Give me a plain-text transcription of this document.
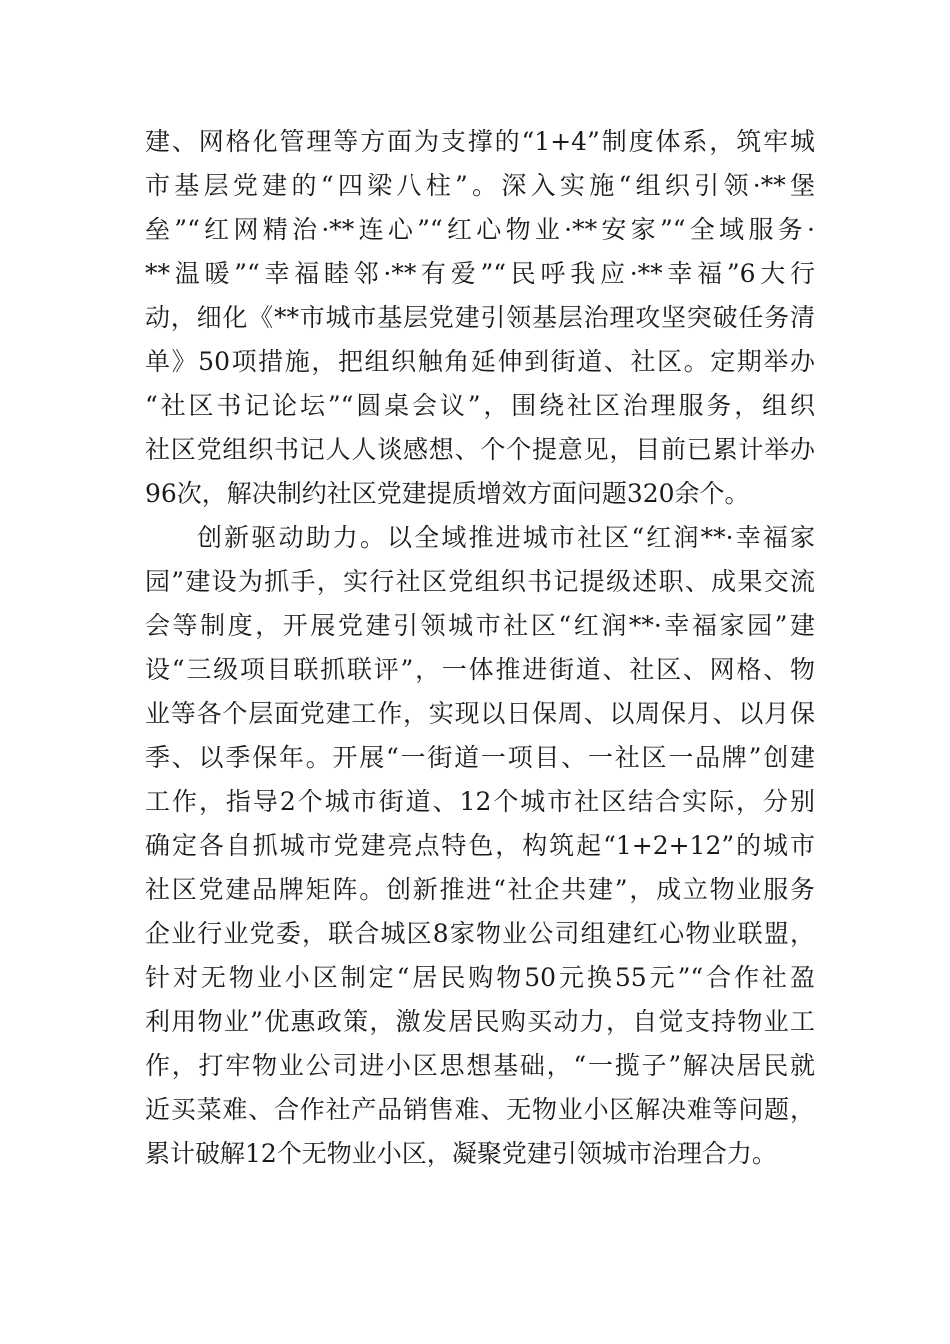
建、网格化管理等方面为支撑的“1+4”制度体系，筑牢城
市基层党建的“四梁八柱”。深入实施“组织引领·**堡
垒”“红网精治·**连心”“红心物业·**安家”“全域服务·
**温暖”“幸福睦邻·**有爱”“民呼我应·**幸福”6大行
动，细化《**市城市基层党建引领基层治理攻坚突破任务清
单》50项措施，把组织触角延伸到街道、社区。定期举办
“社区书记论坛”“圆桌会议”，围绕社区治理服务，组织
社区党组织书记人人谈感想、个个提意见，目前已累计举办
96次，解决制约社区党建提质增效方面问题320余个。
创新驱动助力。以全域推进城市社区“红润**·幸福家
园”建设为抓手，实行社区党组织书记提级述职、成果交流
会等制度，开展党建引领城市社区“红润**·幸福家园”建
设“三级项目联抓联评”，一体推进街道、社区、网格、物
业等各个层面党建工作，实现以日保周、以周保月、以月保
季、以季保年。开展“一街道一项目、一社区一品牌”创建
工作，指导2个城市街道、12个城市社区结合实际，分别
确定各自抓城市党建亮点特色，构筑起“1+2+12”的城市
社区党建品牌矩阵。创新推进“社企共建”，成立物业服务
企业行业党委，联合城区8家物业公司组建红心物业联盟，
针对无物业小区制定“居民购物50元换55元”“合作社盈
利用物业”优惠政策，激发居民购买动力，自觉支持物业工
作，打牢物业公司进小区思想基础，“一揽子”解决居民就
近买菜难、合作社产品销售难、无物业小区解决难等问题，
累计破解12个无物业小区，凝聚党建引领城市治理合力。
